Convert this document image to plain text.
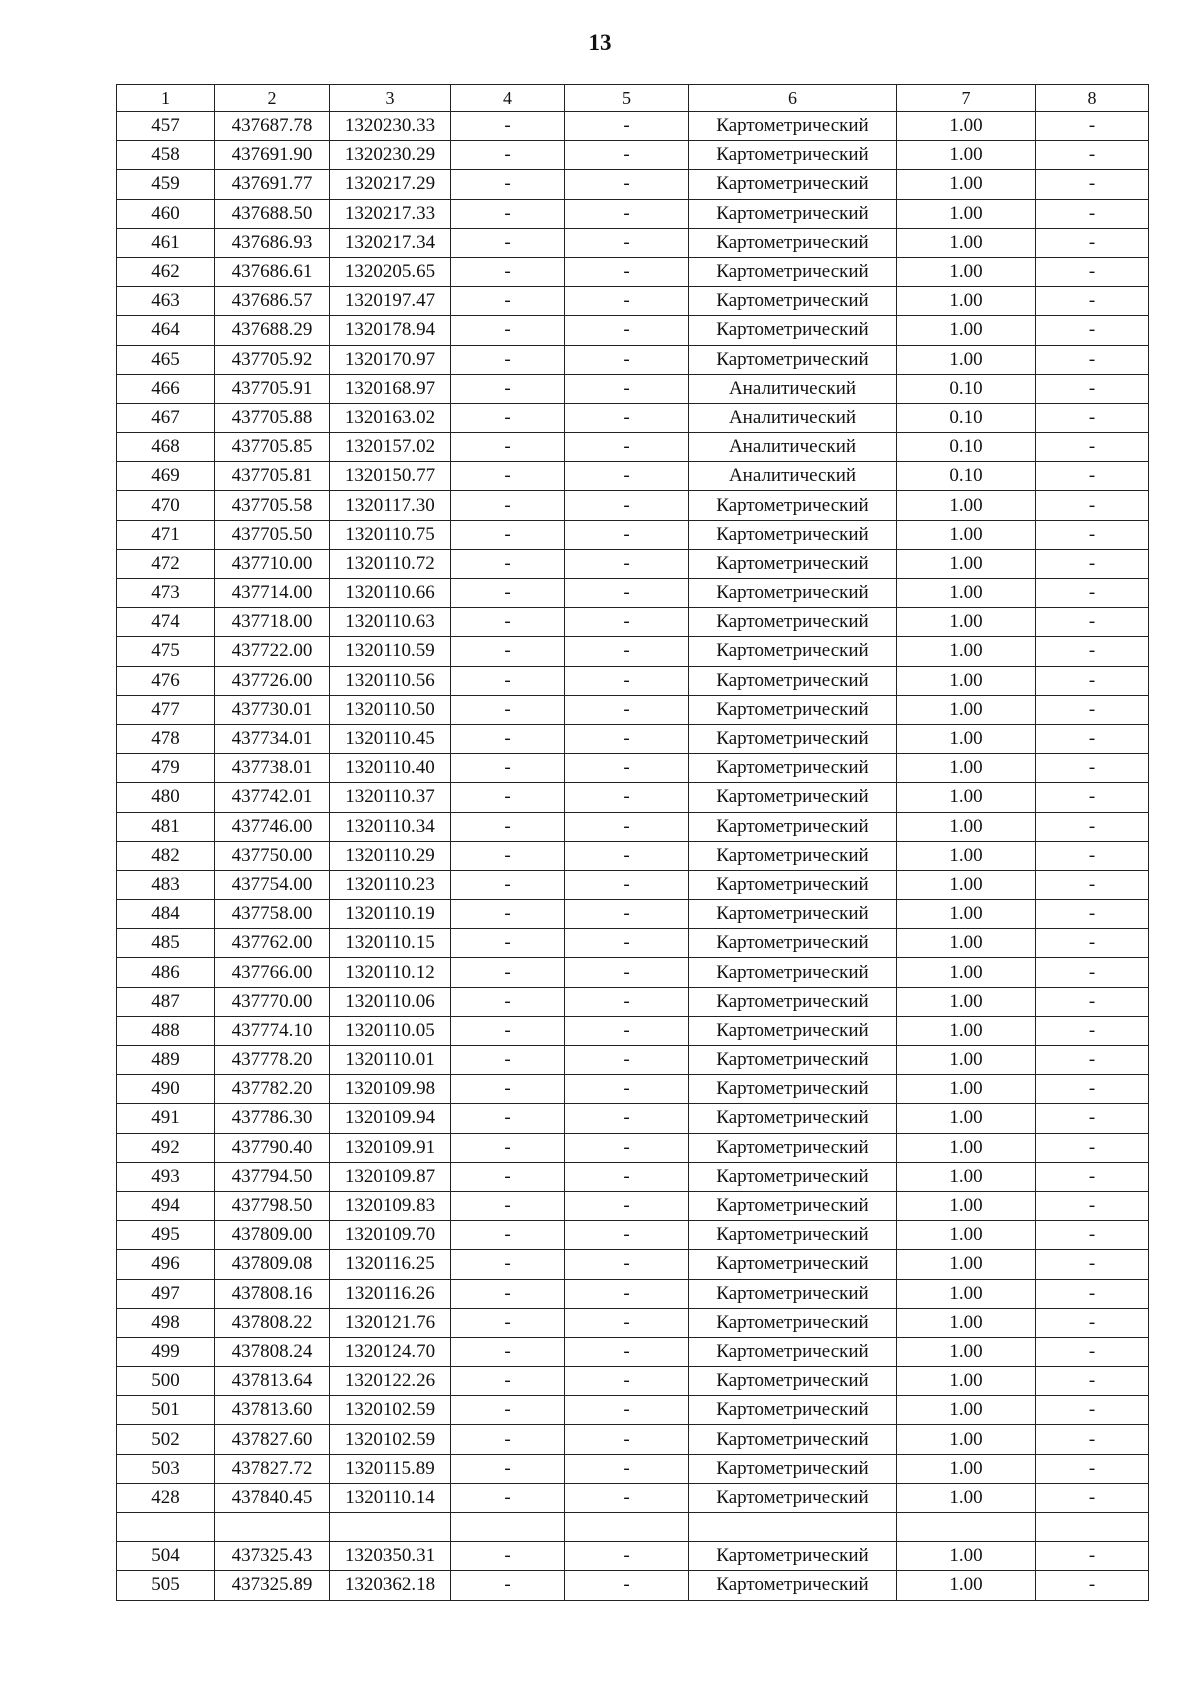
13
1	2	3	4	5	6	7	8
457	437687.78	1320230.33	-	-	Картометрический	1.00	-
458	437691.90	1320230.29	-	-	Картометрический	1.00	-
459	437691.77	1320217.29	-	-	Картометрический	1.00	-
460	437688.50	1320217.33	-	-	Картометрический	1.00	-
461	437686.93	1320217.34	-	-	Картометрический	1.00	-
462	437686.61	1320205.65	-	-	Картометрический	1.00	-
463	437686.57	1320197.47	-	-	Картометрический	1.00	-
464	437688.29	1320178.94	-	-	Картометрический	1.00	-
465	437705.92	1320170.97	-	-	Картометрический	1.00	-
466	437705.91	1320168.97	-	-	Аналитический	0.10	-
467	437705.88	1320163.02	-	-	Аналитический	0.10	-
468	437705.85	1320157.02	-	-	Аналитический	0.10	-
469	437705.81	1320150.77	-	-	Аналитический	0.10	-
470	437705.58	1320117.30	-	-	Картометрический	1.00	-
471	437705.50	1320110.75	-	-	Картометрический	1.00	-
472	437710.00	1320110.72	-	-	Картометрический	1.00	-
473	437714.00	1320110.66	-	-	Картометрический	1.00	-
474	437718.00	1320110.63	-	-	Картометрический	1.00	-
475	437722.00	1320110.59	-	-	Картометрический	1.00	-
476	437726.00	1320110.56	-	-	Картометрический	1.00	-
477	437730.01	1320110.50	-	-	Картометрический	1.00	-
478	437734.01	1320110.45	-	-	Картометрический	1.00	-
479	437738.01	1320110.40	-	-	Картометрический	1.00	-
480	437742.01	1320110.37	-	-	Картометрический	1.00	-
481	437746.00	1320110.34	-	-	Картометрический	1.00	-
482	437750.00	1320110.29	-	-	Картометрический	1.00	-
483	437754.00	1320110.23	-	-	Картометрический	1.00	-
484	437758.00	1320110.19	-	-	Картометрический	1.00	-
485	437762.00	1320110.15	-	-	Картометрический	1.00	-
486	437766.00	1320110.12	-	-	Картометрический	1.00	-
487	437770.00	1320110.06	-	-	Картометрический	1.00	-
488	437774.10	1320110.05	-	-	Картометрический	1.00	-
489	437778.20	1320110.01	-	-	Картометрический	1.00	-
490	437782.20	1320109.98	-	-	Картометрический	1.00	-
491	437786.30	1320109.94	-	-	Картометрический	1.00	-
492	437790.40	1320109.91	-	-	Картометрический	1.00	-
493	437794.50	1320109.87	-	-	Картометрический	1.00	-
494	437798.50	1320109.83	-	-	Картометрический	1.00	-
495	437809.00	1320109.70	-	-	Картометрический	1.00	-
496	437809.08	1320116.25	-	-	Картометрический	1.00	-
497	437808.16	1320116.26	-	-	Картометрический	1.00	-
498	437808.22	1320121.76	-	-	Картометрический	1.00	-
499	437808.24	1320124.70	-	-	Картометрический	1.00	-
500	437813.64	1320122.26	-	-	Картометрический	1.00	-
501	437813.60	1320102.59	-	-	Картометрический	1.00	-
502	437827.60	1320102.59	-	-	Картометрический	1.00	-
503	437827.72	1320115.89	-	-	Картометрический	1.00	-
428	437840.45	1320110.14	-	-	Картометрический	1.00	-

504	437325.43	1320350.31	-	-	Картометрический	1.00	-
505	437325.89	1320362.18	-	-	Картометрический	1.00	-
